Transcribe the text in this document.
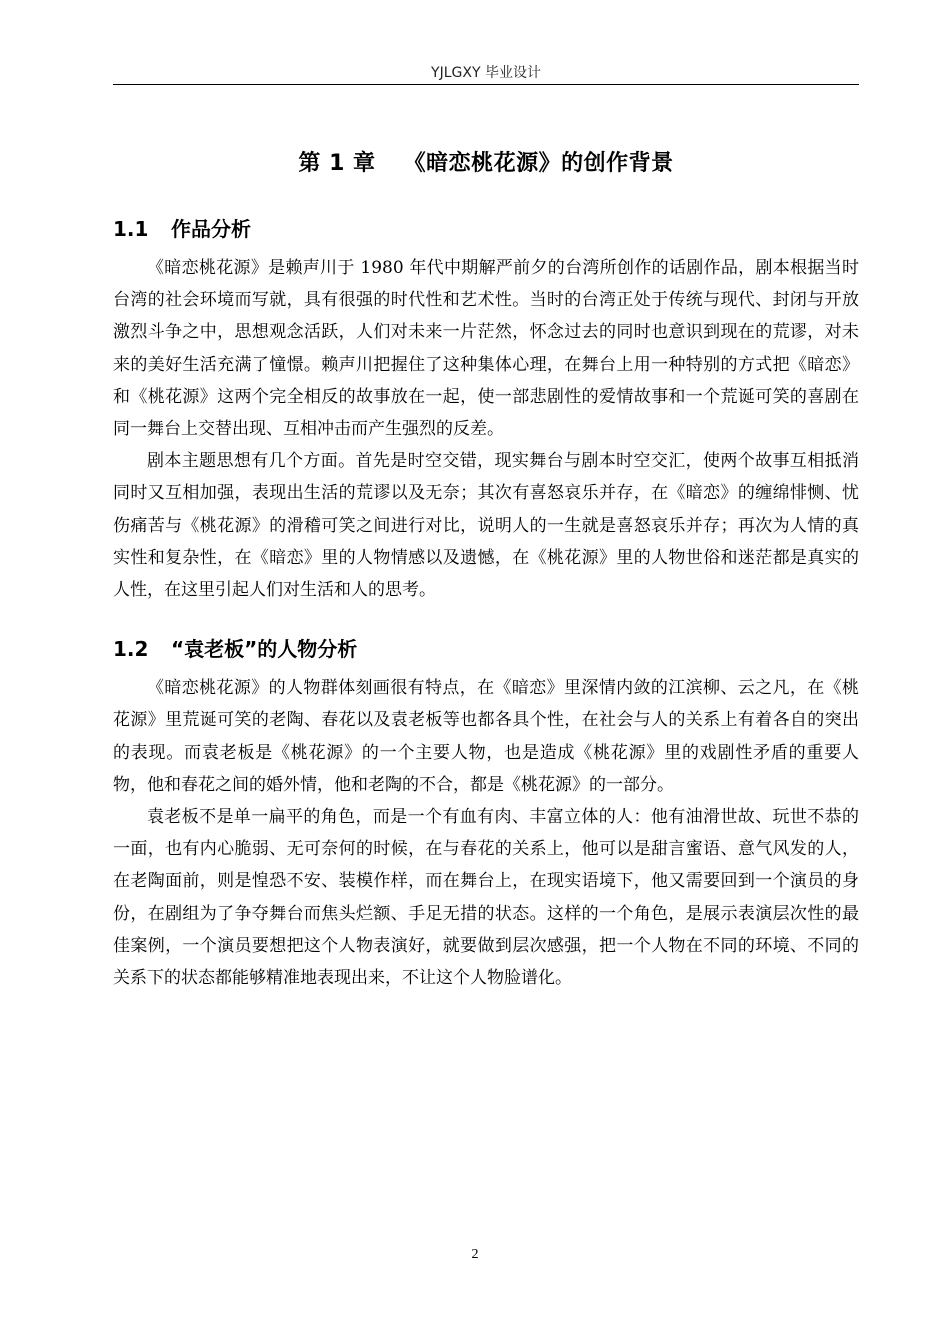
YJLGXY 毕业设计
第 1 章 《暗恋桃花源》的创作背景
1.1 作品分析

《暗恋桃花源》是赖声川于 1980 年代中期解严前夕的台湾所创作的话剧作品，剧本根据当时台湾的社会环境而写就，具有很强的时代性和艺术性。当时的台湾正处于传统与现代、封闭与开放激烈斗争之中，思想观念活跃，人们对未来一片茫然，怀念过去的同时也意识到现在的荒谬，对未来的美好生活充满了憧憬。赖声川把握住了这种集体心理，在舞台上用一种特别的方式把《暗恋》和《桃花源》这两个完全相反的故事放在一起，使一部悲剧性的爱情故事和一个荒诞可笑的喜剧在同一舞台上交替出现、互相冲击而产生强烈的反差。

剧本主题思想有几个方面。首先是时空交错，现实舞台与剧本时空交汇，使两个故事互相抵消同时又互相加强，表现出生活的荒谬以及无奈；其次有喜怒哀乐并存，在《暗恋》的缠绵悱恻、忧伤痛苦与《桃花源》的滑稽可笑之间进行对比，说明人的一生就是喜怒哀乐并存；再次为人情的真实性和复杂性，在《暗恋》里的人物情感以及遗憾，在《桃花源》里的人物世俗和迷茫都是真实的人性，在这里引起人们对生活和人的思考。

1.2 “袁老板”的人物分析

《暗恋桃花源》的人物群体刻画很有特点，在《暗恋》里深情内敛的江滨柳、云之凡，在《桃花源》里荒诞可笑的老陶、春花以及袁老板等也都各具个性，在社会与人的关系上有着各自的突出的表现。而袁老板是《桃花源》的一个主要人物，也是造成《桃花源》里的戏剧性矛盾的重要人物，他和春花之间的婚外情，他和老陶的不合，都是《桃花源》的一部分。

袁老板不是单一扁平的角色，而是一个有血有肉、丰富立体的人：他有油滑世故、玩世不恭的一面，也有内心脆弱、无可奈何的时候，在与春花的关系上，他可以是甜言蜜语、意气风发的人，在老陶面前，则是惶恐不安、装模作样，而在舞台上，在现实语境下，他又需要回到一个演员的身份，在剧组为了争夺舞台而焦头烂额、手足无措的状态。这样的一个角色，是展示表演层次性的最佳案例，一个演员要想把这个人物表演好，就要做到层次感强，把一个人物在不同的环境、不同的关系下的状态都能够精准地表现出来，不让这个人物脸谱化。

2
